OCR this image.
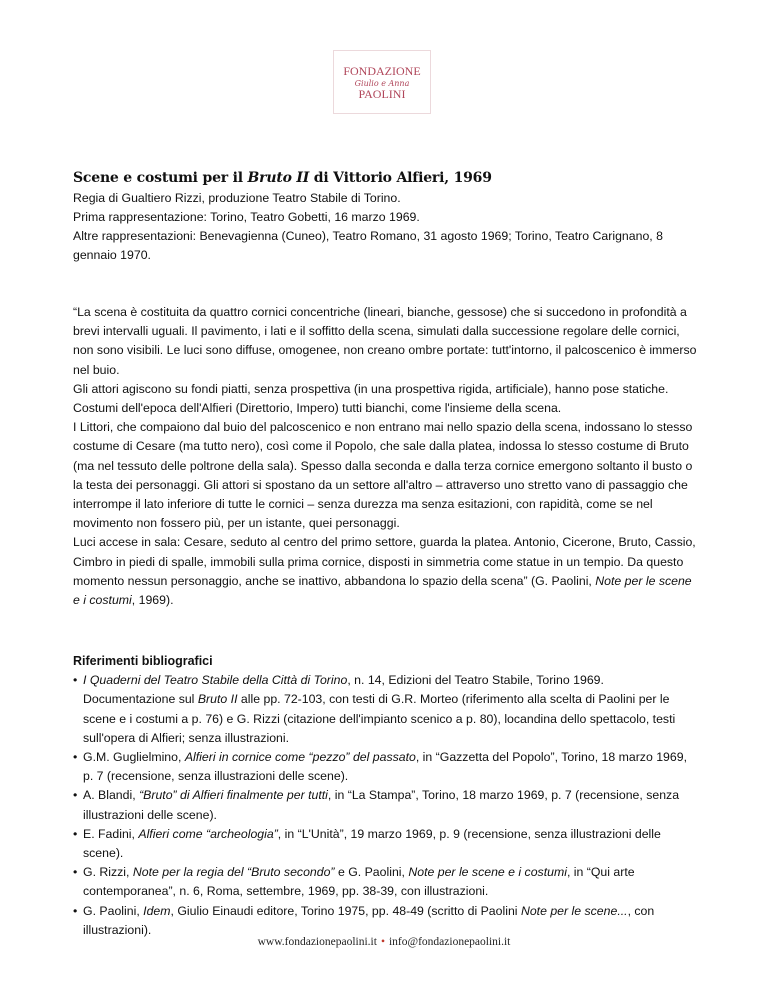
FONDAZIONE
Giulio e Anna
PAOLINI
Scene e costumi per il Bruto II di Vittorio Alfieri, 1969

Regia di Gualtiero Rizzi, produzione Teatro Stabile di Torino.

Prima rappresentazione: Torino, Teatro Gobetti, 16 marzo 1969.

Altre rappresentazioni: Benevagienna (Cuneo), Teatro Romano, 31 agosto 1969; Torino, Teatro Carignano, 8 gennaio 1970.

“La scena è costituita da quattro cornici concentriche (lineari, bianche, gessose) che si succedono in profondità a brevi intervalli uguali. Il pavimento, i lati e il soffitto della scena, simulati dalla successione regolare delle cornici, non sono visibili. Le luci sono diffuse, omogenee, non creano ombre portate: tutt'intorno, il palcoscenico è immerso nel buio.

Gli attori agiscono su fondi piatti, senza prospettiva (in una prospettiva rigida, artificiale), hanno pose statiche. Costumi dell'epoca dell'Alfieri (Direttorio, Impero) tutti bianchi, come l'insieme della scena.

I Littori, che compaiono dal buio del palcoscenico e non entrano mai nello spazio della scena, indossano lo stesso costume di Cesare (ma tutto nero), così come il Popolo, che sale dalla platea, indossa lo stesso costume di Bruto (ma nel tessuto delle poltrone della sala). Spesso dalla seconda e dalla terza cornice emergono soltanto il busto o la testa dei personaggi. Gli attori si spostano da un settore all'altro – attraverso uno stretto vano di passaggio che interrompe il lato inferiore di tutte le cornici – senza durezza ma senza esitazioni, con rapidità, come se nel movimento non fossero più, per un istante, quei personaggi.

Luci accese in sala: Cesare, seduto al centro del primo settore, guarda la platea. Antonio, Cicerone, Bruto, Cassio, Cimbro in piedi di spalle, immobili sulla prima cornice, disposti in simmetria come statue in un tempio. Da questo momento nessun personaggio, anche se inattivo, abbandona lo spazio della scena” (G. Paolini, Note per le scene e i costumi, 1969).

Riferimenti bibliografici
• I Quaderni del Teatro Stabile della Città di Torino, n. 14, Edizioni del Teatro Stabile, Torino 1969. Documentazione sul Bruto II alle pp. 72-103, con testi di G.R. Morteo (riferimento alla scelta di Paolini per le scene e i costumi a p. 76) e G. Rizzi (citazione dell'impianto scenico a p. 80), locandina dello spettacolo, testi sull'opera di Alfieri; senza illustrazioni.
• G.M. Guglielmino, Alfieri in cornice come “pezzo” del passato, in “Gazzetta del Popolo”, Torino, 18 marzo 1969, p. 7 (recensione, senza illustrazioni delle scene).
• A. Blandi, “Bruto” di Alfieri finalmente per tutti, in “La Stampa”, Torino, 18 marzo 1969, p. 7 (recensione, senza illustrazioni delle scene).
• E. Fadini, Alfieri come “archeologia”, in “L'Unità”, 19 marzo 1969, p. 9 (recensione, senza illustrazioni delle scene).
• G. Rizzi, Note per la regia del “Bruto secondo” e G. Paolini, Note per le scene e i costumi, in “Qui arte contemporanea”, n. 6, Roma, settembre, 1969, pp. 38-39, con illustrazioni.
• G. Paolini, Idem, Giulio Einaudi editore, Torino 1975, pp. 48-49 (scritto di Paolini Note per le scene..., con illustrazioni).
www.fondazionepaolini.it • info@fondazionepaolini.it
